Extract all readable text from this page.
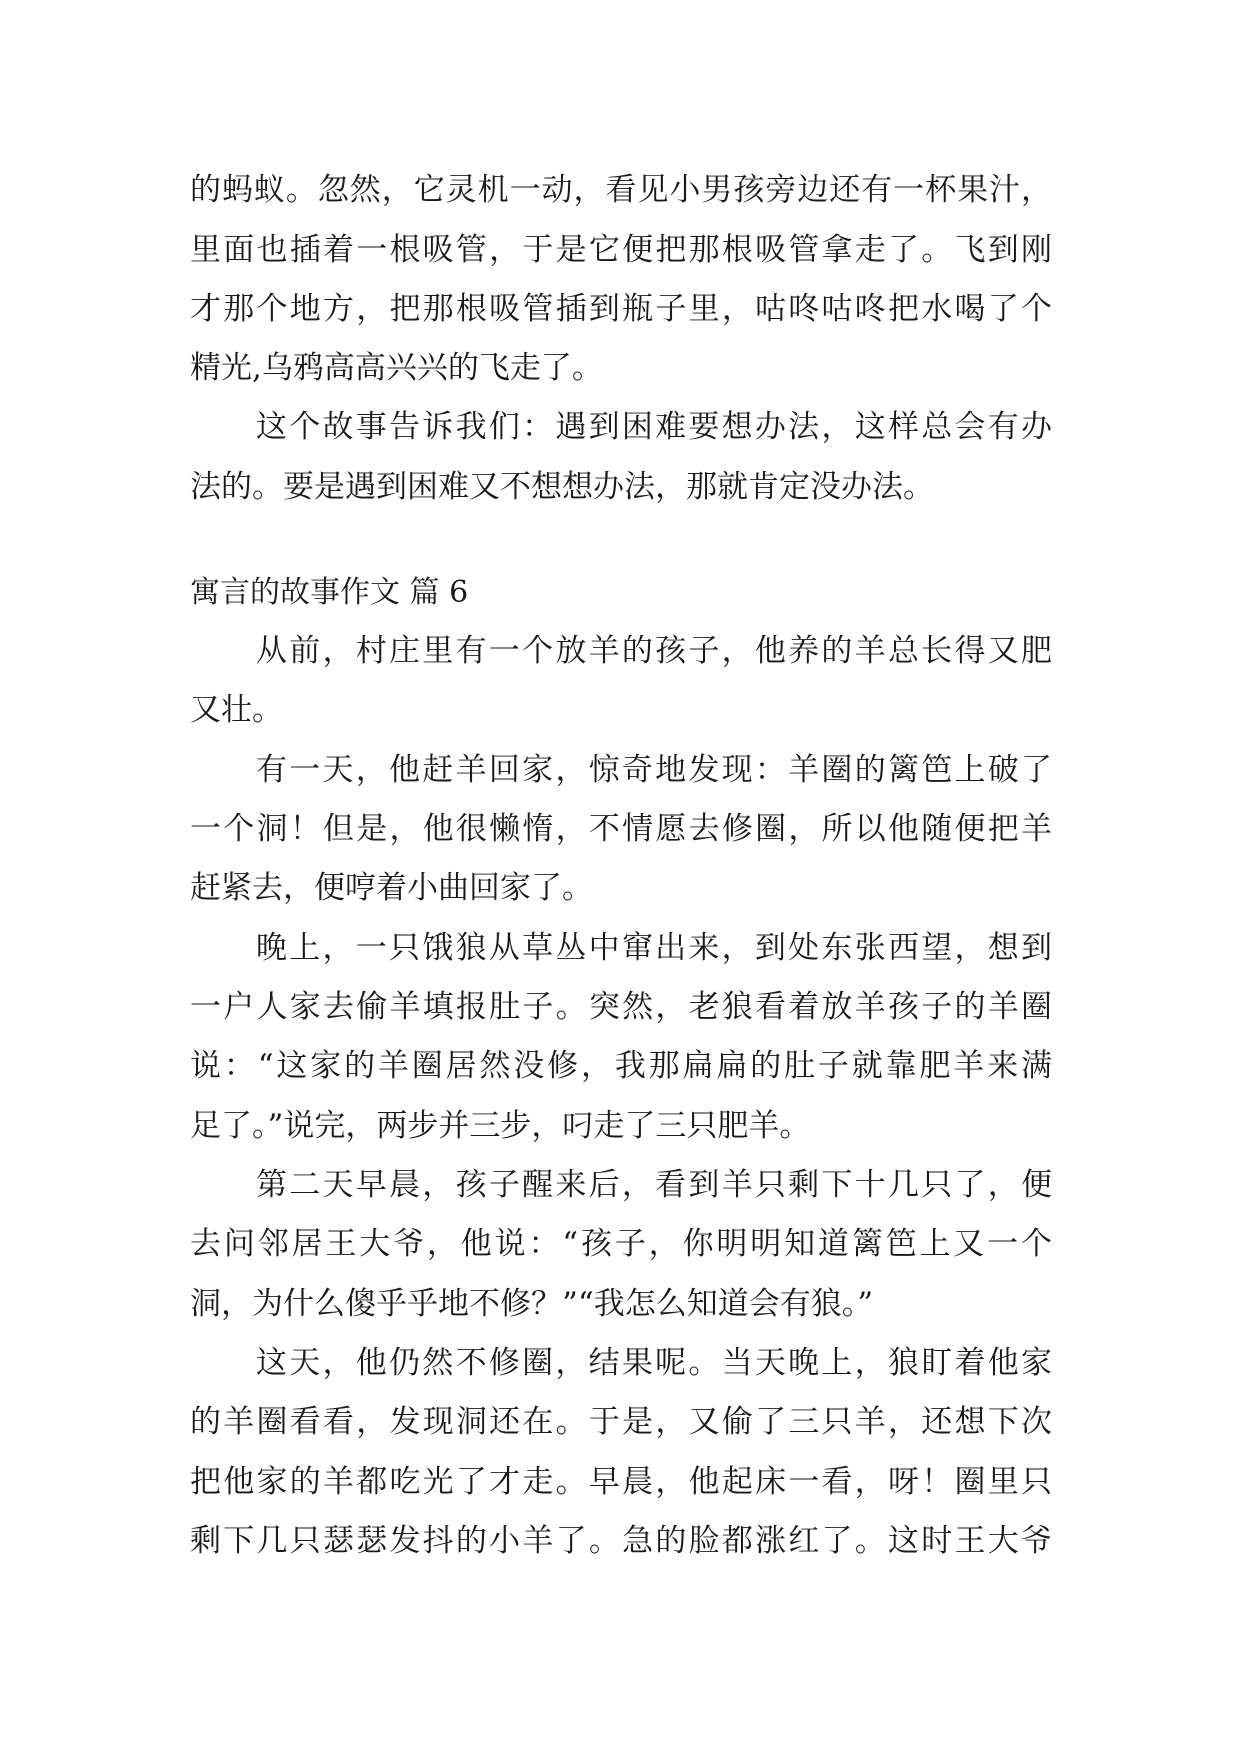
的蚂蚁。忽然，它灵机一动，看见小男孩旁边还有一杯果汁，
里面也插着一根吸管，于是它便把那根吸管拿走了。飞到刚
才那个地方，把那根吸管插到瓶子里，咕咚咕咚把水喝了个
精光,乌鸦高高兴兴的飞走了。
这个故事告诉我们：遇到困难要想办法，这样总会有办
法的。要是遇到困难又不想想办法，那就肯定没办法。
寓言的故事作文 篇 6
从前，村庄里有一个放羊的孩子，他养的羊总长得又肥
又壮。
有一天，他赶羊回家，惊奇地发现：羊圈的篱笆上破了
一个洞！但是，他很懒惰，不情愿去修圈，所以他随便把羊
赶紧去，便哼着小曲回家了。
晚上，一只饿狼从草丛中窜出来，到处东张西望，想到
一户人家去偷羊填报肚子。突然，老狼看着放羊孩子的羊圈
说：“这家的羊圈居然没修，我那扁扁的肚子就靠肥羊来满
足了。”说完，两步并三步，叼走了三只肥羊。
第二天早晨，孩子醒来后，看到羊只剩下十几只了，便
去问邻居王大爷，他说：“孩子，你明明知道篱笆上又一个
洞，为什么傻乎乎地不修？”“我怎么知道会有狼。”
这天，他仍然不修圈，结果呢。当天晚上，狼盯着他家
的羊圈看看，发现洞还在。于是，又偷了三只羊，还想下次
把他家的羊都吃光了才走。早晨，他起床一看，呀！圈里只
剩下几只瑟瑟发抖的小羊了。急的脸都涨红了。这时王大爷
